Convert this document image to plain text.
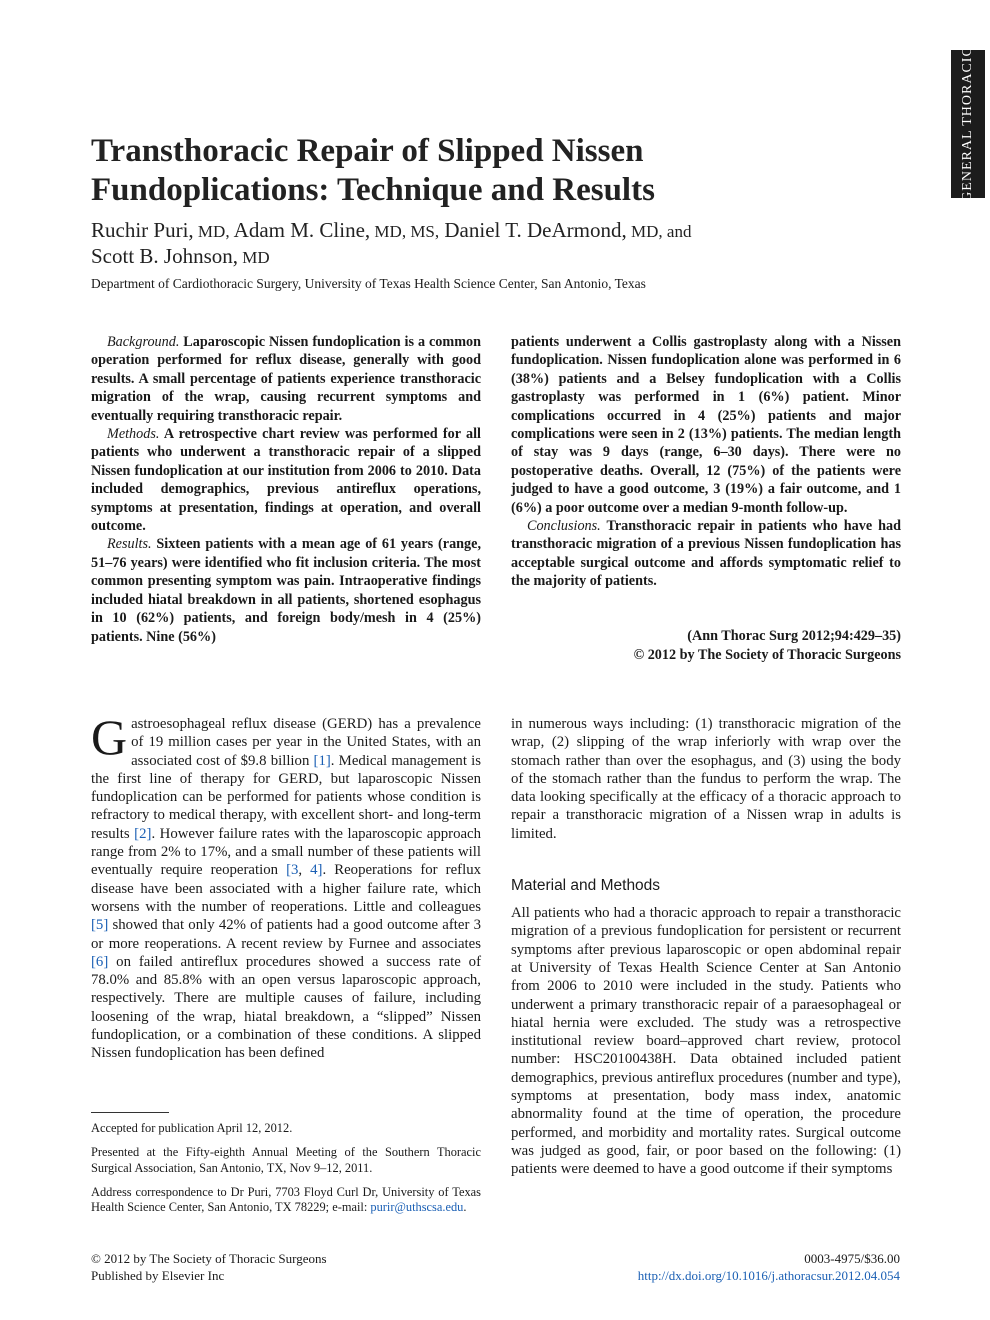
GENERAL THORACIC
Transthoracic Repair of Slipped Nissen Fundoplications: Technique and Results

Ruchir Puri, MD, Adam M. Cline, MD, MS, Daniel T. DeArmond, MD, and
Scott B. Johnson, MD

Department of Cardiothoracic Surgery, University of Texas Health Science Center, San Antonio, Texas

Background. Laparoscopic Nissen fundoplication is a common operation performed for reflux disease, generally with good results. A small percentage of patients experience transthoracic migration of the wrap, causing recurrent symptoms and eventually requiring transthoracic repair.

Methods. A retrospective chart review was performed for all patients who underwent a transthoracic repair of a slipped Nissen fundoplication at our institution from 2006 to 2010. Data included demographics, previous antireflux operations, symptoms at presentation, findings at operation, and overall outcome.

Results. Sixteen patients with a mean age of 61 years (range, 51–76 years) were identified who fit inclusion criteria. The most common presenting symptom was pain. Intraoperative findings included hiatal breakdown in all patients, shortened esophagus in 10 (62%) patients, and foreign body/mesh in 4 (25%) patients. Nine (56%)

patients underwent a Collis gastroplasty along with a Nissen fundoplication. Nissen fundoplication alone was performed in 6 (38%) patients and a Belsey fundoplication with a Collis gastroplasty was performed in 1 (6%) patient. Minor complications occurred in 4 (25%) patients and major complications were seen in 2 (13%) patients. The median length of stay was 9 days (range, 6–30 days). There were no postoperative deaths. Overall, 12 (75%) of the patients were judged to have a good outcome, 3 (19%) a fair outcome, and 1 (6%) a poor outcome over a median 9-month follow-up.

Conclusions. Transthoracic repair in patients who have had transthoracic migration of a previous Nissen fundoplication has acceptable surgical outcome and affords symptomatic relief to the majority of patients.

(Ann Thorac Surg 2012;94:429–35)
© 2012 by The Society of Thoracic Surgeons

Gastroesophageal reflux disease (GERD) has a prevalence of 19 million cases per year in the United States, with an associated cost of $9.8 billion [1]. Medical management is the first line of therapy for GERD, but laparoscopic Nissen fundoplication can be performed for patients whose condition is refractory to medical therapy, with excellent short- and long-term results [2]. However failure rates with the laparoscopic approach range from 2% to 17%, and a small number of these patients will eventually require reoperation [3, 4]. Reoperations for reflux disease have been associated with a higher failure rate, which worsens with the number of reoperations. Little and colleagues [5] showed that only 42% of patients had a good outcome after 3 or more reoperations. A recent review by Furnee and associates [6] on failed antireflux procedures showed a success rate of 78.0% and 85.8% with an open versus laparoscopic approach, respectively. There are multiple causes of failure, including loosening of the wrap, hiatal breakdown, a “slipped” Nissen fundoplication, or a combination of these conditions. A slipped Nissen fundoplication has been defined

in numerous ways including: (1) transthoracic migration of the wrap, (2) slipping of the wrap inferiorly with wrap over the stomach rather than over the esophagus, and (3) using the body of the stomach rather than the fundus to perform the wrap. The data looking specifically at the efficacy of a thoracic approach to repair a transthoracic migration of a Nissen wrap in adults is limited.

Material and Methods

All patients who had a thoracic approach to repair a transthoracic migration of a previous fundoplication for persistent or recurrent symptoms after previous laparoscopic or open abdominal repair at University of Texas Health Science Center at San Antonio from 2006 to 2010 were included in the study. Patients who underwent a primary transthoracic repair of a paraesophageal or hiatal hernia were excluded. The study was a retrospective institutional review board–approved chart review, protocol number: HSC20100438H. Data obtained included patient demographics, previous antireflux procedures (number and type), symptoms at presentation, body mass index, anatomic abnormality found at the time of operation, the procedure performed, and morbidity and mortality rates. Surgical outcome was judged as good, fair, or poor based on the following: (1) patients were deemed to have a good outcome if their symptoms

Accepted for publication April 12, 2012.

Presented at the Fifty-eighth Annual Meeting of the Southern Thoracic Surgical Association, San Antonio, TX, Nov 9–12, 2011.

Address correspondence to Dr Puri, 7703 Floyd Curl Dr, University of Texas Health Science Center, San Antonio, TX 78229; e-mail: purir@uthscsa.edu.

© 2012 by The Society of Thoracic Surgeons
Published by Elsevier Inc
0003-4975/$36.00
http://dx.doi.org/10.1016/j.athoracsur.2012.04.054
